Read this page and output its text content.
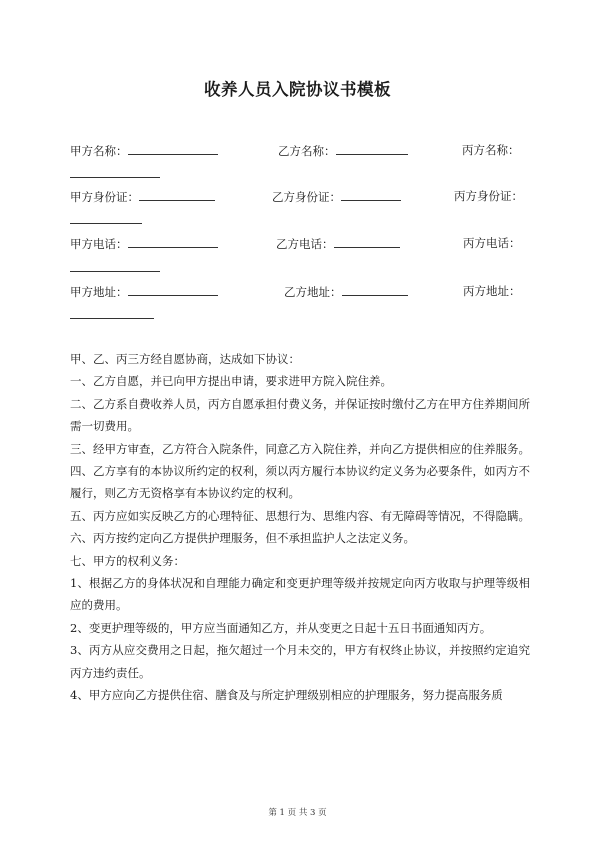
收养人员入院协议书模板
甲方名称：	乙方名称：	丙方名称：
甲方身份证：	乙方身份证：	丙方身份证：
甲方电话：	乙方电话：	丙方电话：
甲方地址：	乙方地址：	丙方地址：

甲、乙、丙三方经自愿协商，达成如下协议：

一、乙方自愿，并已向甲方提出申请，要求进甲方院入院住养。

二、乙方系自费收养人员，丙方自愿承担付费义务，并保证按时缴付乙方在甲方住养期间所需一切费用。

三、经甲方审查，乙方符合入院条件，同意乙方入院住养，并向乙方提供相应的住养服务。

四、乙方享有的本协议所约定的权利，须以丙方履行本协议约定义务为必要条件，如丙方不履行，则乙方无资格享有本协议约定的权利。

五、丙方应如实反映乙方的心理特征、思想行为、思维内容、有无障碍等情况，不得隐瞒。

六、丙方按约定向乙方提供护理服务，但不承担监护人之法定义务。

七、甲方的权利义务：

1、根据乙方的身体状况和自理能力确定和变更护理等级并按规定向丙方收取与护理等级相应的费用。

2、变更护理等级的，甲方应当面通知乙方，并从变更之日起十五日书面通知丙方。

3、丙方从应交费用之日起，拖欠超过一个月未交的，甲方有权终止协议，并按照约定追究丙方违约责任。

4、甲方应向乙方提供住宿、膳食及与所定护理级别相应的护理服务，努力提高服务质

第 1 页 共 3 页
